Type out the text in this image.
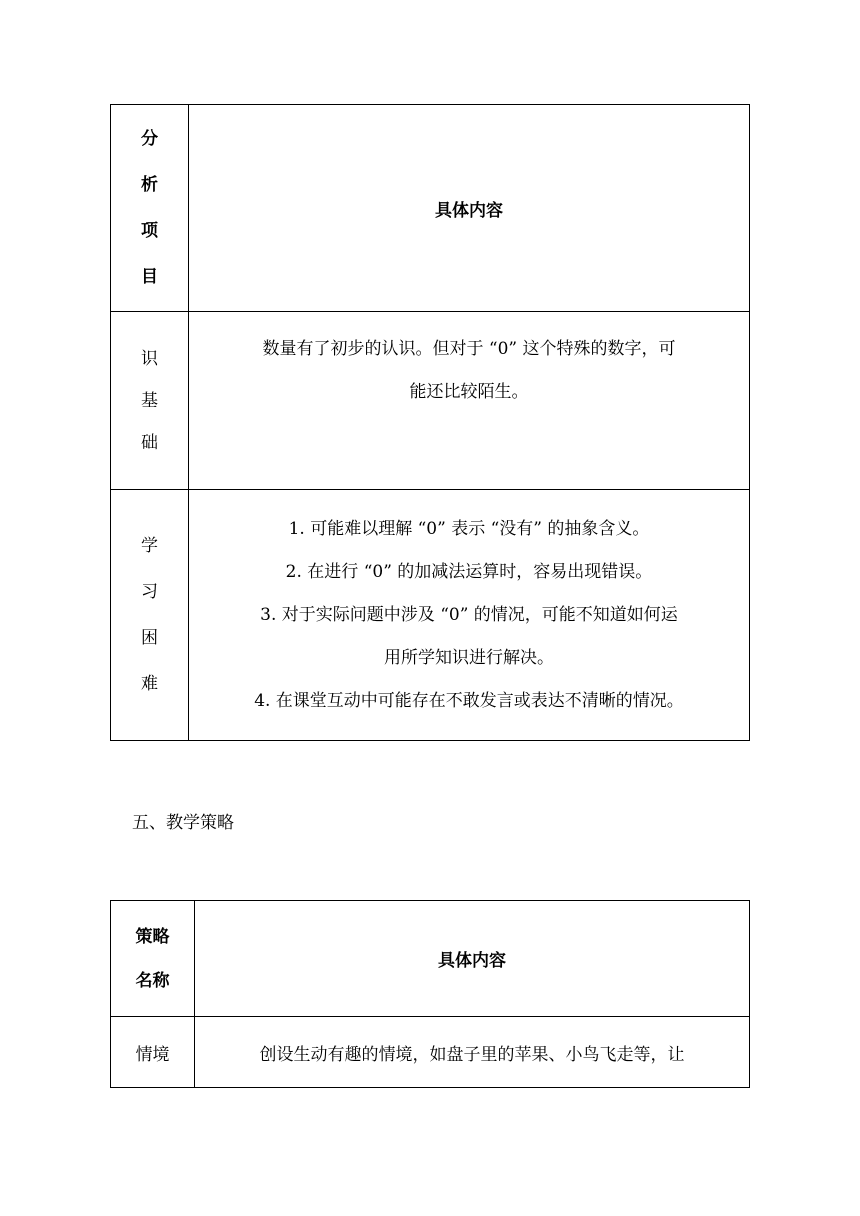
分
析
项
目	具体内容

识
基
础	数量有了初步的认识。但对于 “0” 这个特殊的数字，可
能还比较陌生。

学
习
困
难	1. 可能难以理解 “0” 表示 “没有” 的抽象含义。
2. 在进行 “0” 的加减法运算时，容易出现错误。
3. 对于实际问题中涉及 “0” 的情况，可能不知道如何运
用所学知识进行解决。
4. 在课堂互动中可能存在不敢发言或表达不清晰的情况。
五、教学策略
策略
名称	具体内容
情境	创设生动有趣的情境，如盘子里的苹果、小鸟飞走等，让
